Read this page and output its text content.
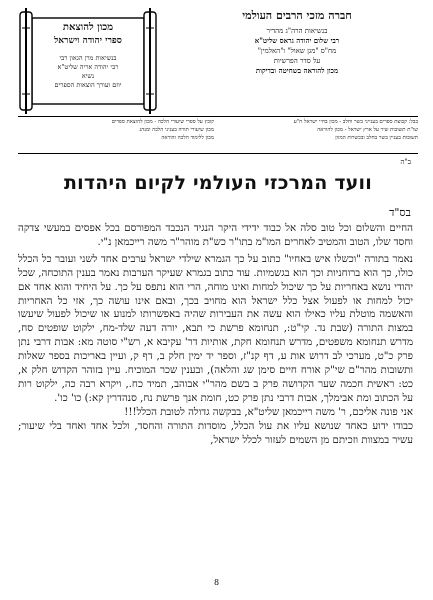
מכון להוצאת
ספרי יהודה וישראל
בנשיאות מרן הגאון רבי
רבי יהודה אריה שליט"א
נשיא
יוזם ועורך הוצאות הספרים
חברה מזכי הרבים העולמי
בנשיאות הרה"ג מהדיר
רבי שלום יהודה גראס שליט"א
מח"ס "מגן שאול" ו"האלמין"
על סדר הפרשיות
מכון להוראה בשחיטה ובדיקות
בבל: קבוצת ספרים בענייני בשר וחלב - מכון בחיי ישראל ח"ע
שו"ת תשובות שיר על ארץ ישראל - מכון להוראה
תשובות בעניין בשר בחלב ובכשרות המזון
קובץ על ספרי שיעורי הלכה - מכון להוצאת ספרים
מכון שיעורי תורה בעניני הלכה ומנהג
מכון ללימוד הלכה והוראה
ב"ה
וועד המרכזי העולמי לקיום היהדות
בס"ד

החיים והשלום וכל טוב סלה אל כבוד ידידי היקר הנגיד הנכבד המפורסם בכל אפסים במעשי צדקה וחסד שלו, הטוב והמטיב לאחרים המו"מ בתו"ר כש"ת מוהר"ר משה רייכמאן נ"י.

נאמר בתורה "וכשלו איש באחיו" כתוב על כך הגמרא שילדי ישראל ערבים אחד לשני ועובר כל הכלל כולו, כך הוא ברוחניות וכך הוא בגשמיות. עוד כתוב בגמרא שעיקר הערבות נאמר בענין התוכחה, שכל יהודי נושא באחריות על כך שיכול למחות ואינו מוחה, הרי הוא נתפס על כך. על היחיד והוא אחד אם יכול למחות או לפעול אצל כלל ישראל הוא מחויב בכך, ובאם אינו עושה כך, אזי כל האחריות והאשמה מוטלת עליו כאילו הוא עשה את העבירות שהיה באפשרותו למנוע או שיכול לפעול שיעשו במצות התורה (שבת נד. קי"ט:, תנחומא פרשת כי תבא, יורה דעה שלד-מח, ילקוט שופטים סח, מדרש תנחומא משפטים, מדרש תנחומא חקת, אותיות דר' עקיבא א, רש"י סוטה מא: אבות דרבי נתן פרק כ"ט, מערכי לב דרוש אות ע, דף קנ"ז, וספר יד ימין חלק ב, דף ק, ועיין באריכות בספר שאלות ותשובות מהר"ם שי"ק אורח חיים סימן שג והלאה), ובענין שכר המוכיח. עיין בזוהר הקדוש חלק א, כט: ראשית חכמה שער הקדושה פרק ב בשם מהר"י אבוהב, תמיד כח., ויקרא רבה כה, ילקוט רות על הכתוב ומת אבימלך, אבות דרבי נתן פרק כט, חומת אנך פרשת נח, סנהדרין קא:) כו' כו'.

אני פונה אליכם, ר' משה רייכמאן שליט"א, בבקשה גדולה לטובת הכלל!!!

כבודו ידוע כאחד שנושא עליו את עול הכלל, מוסדות התורה והחסד, ולכל אחד ואחד בלי שיעור; עשיר במצוות וזכיתם מן השמים לעזור לכלל ישראל,

8
